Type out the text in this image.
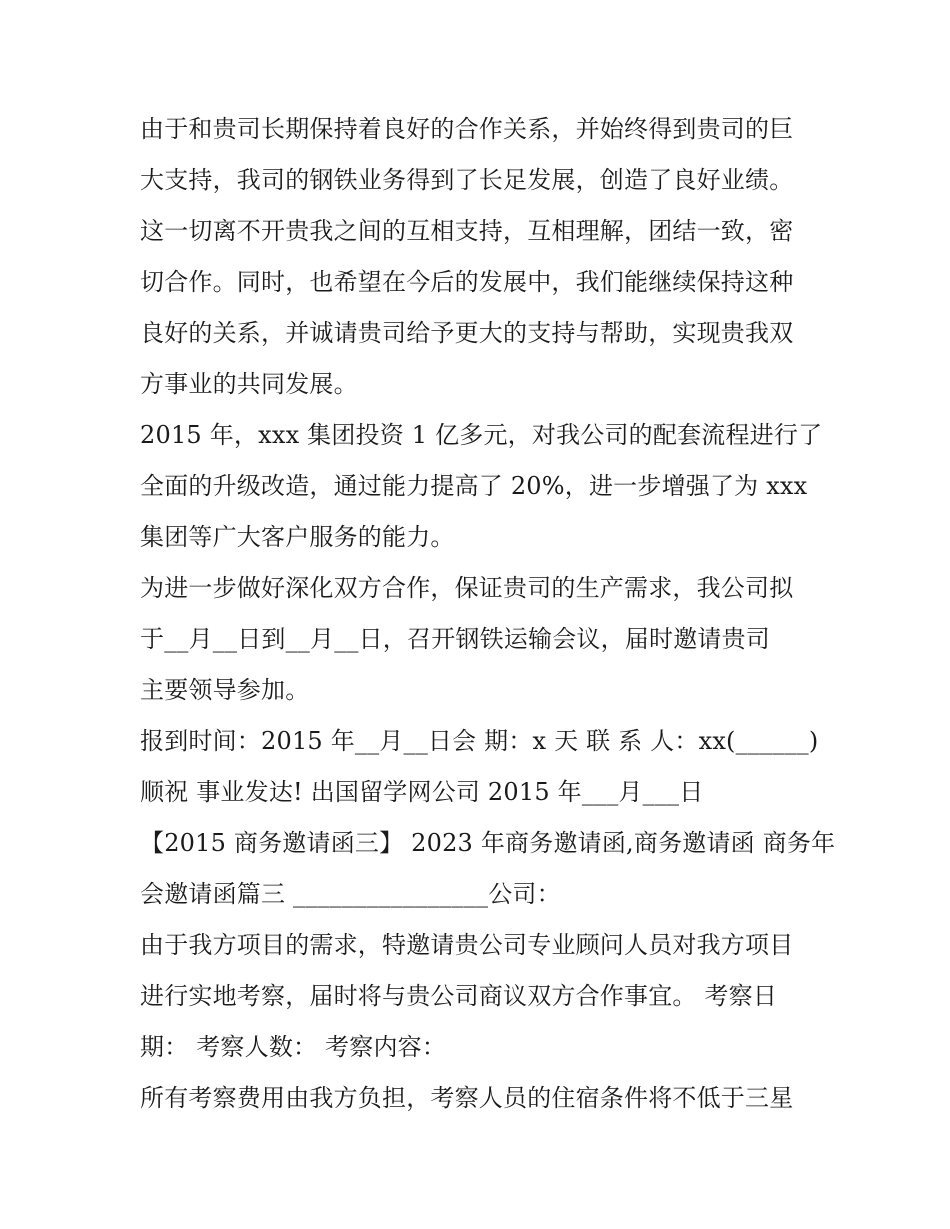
由于和贵司长期保持着良好的合作关系，并始终得到贵司的巨
大支持，我司的钢铁业务得到了长足发展，创造了良好业绩。
这一切离不开贵我之间的互相支持，互相理解，团结一致，密
切合作。同时，也希望在今后的发展中，我们能继续保持这种
良好的关系，并诚请贵司给予更大的支持与帮助，实现贵我双
方事业的共同发展。
2015 年，xxx 集团投资 1 亿多元，对我公司的配套流程进行了
全面的升级改造，通过能力提高了 20%，进一步增强了为 xxx
集团等广大客户服务的能力。
为进一步做好深化双方合作，保证贵司的生产需求，我公司拟
于__月__日到__月__日，召开钢铁运输会议，届时邀请贵司
主要领导参加。
报到时间：2015 年__月__日会 期：x 天 联 系 人：xx(______)
顺祝 事业发达! 出国留学网公司 2015 年___月___日
【2015 商务邀请函三】 2023 年商务邀请函,商务邀请函 商务年
会邀请函篇三 ________________公司：
由于我方项目的需求，特邀请贵公司专业顾问人员对我方项目
进行实地考察，届时将与贵公司商议双方合作事宜。 考察日
期： 考察人数： 考察内容：
所有考察费用由我方负担，考察人员的住宿条件将不低于三星
